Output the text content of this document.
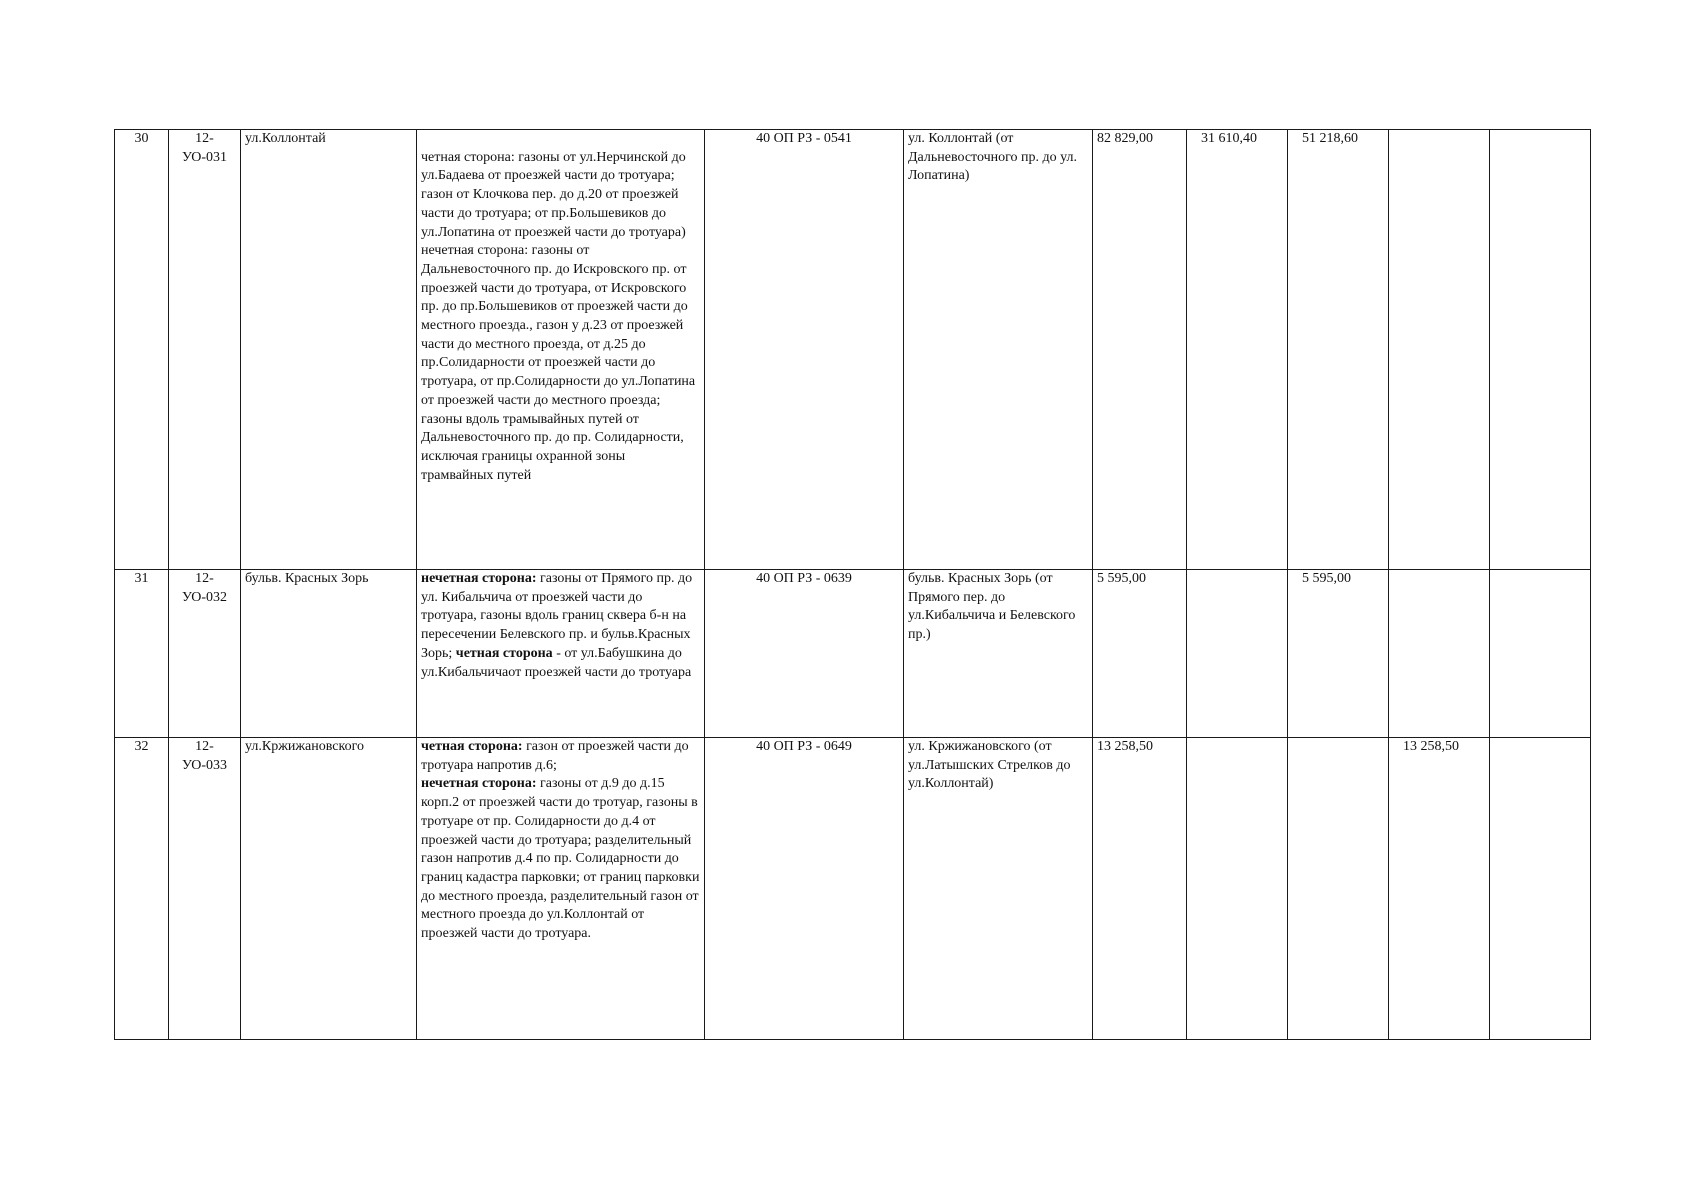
30	12-УО-031	ул.Коллонтай	четная сторона: газоны от ул.Нерчинской до ул.Бадаева от проезжей части до тротуара; газон от Клочкова пер. до д.20 от проезжей части до тротуара; от пр.Большевиков до ул.Лопатина от проезжей части до тротуара)
нечетная сторона: газоны от Дальневосточного пр. до Искровского пр. от проезжей части до тротуара, от Искровского пр. до пр.Большевиков от проезжей части до местного проезда., газон у д.23 от проезжей части до местного проезда, от д.25 до пр.Солидарности от проезжей части до тротуара, от пр.Солидарности до ул.Лопатина от проезжей части до местного проезда; газоны вдоль трамывайных путей от Дальневосточного пр. до пр. Солидарности, исключая границы охранной зоны трамвайных путей	40 ОП РЗ - 0541	ул. Коллонтай (от Дальневосточного пр. до ул. Лопатина)	82 829,00	31 610,40	51 218,60		
31	12-УО-032	бульв. Красных Зорь	нечетная сторона: газоны от Прямого пр. до ул. Кибальчича от проезжей части до тротуара, газоны вдоль границ сквера б-н на пересечении Белевского пр. и бульв.Красных Зорь; четная сторона - от ул.Бабушкина до ул.Кибальчичаот проезжей части до тротуара	40 ОП РЗ - 0639	бульв. Красных Зорь (от Прямого пер. до ул.Кибальчича и Белевского пр.)	5 595,00		5 595,00		
32	12-УО-033	ул.Кржижановского	четная сторона: газон от проезжей части до тротуара напротив д.6;
нечетная сторона: газоны от д.9 до д.15 корп.2 от проезжей части до тротуар, газоны в тротуаре от пр. Солидарности до д.4 от проезжей части до тротуара; разделительный газон напротив д.4 по пр. Солидарности до границ кадастра парковки; от границ парковки до местного проезда, разделительный газон от местного проезда до ул.Коллонтай от проезжей части до тротуара.	40 ОП РЗ - 0649	ул. Кржижановского (от ул.Латышских Стрелков до ул.Коллонтай)	13 258,50			13 258,50	
